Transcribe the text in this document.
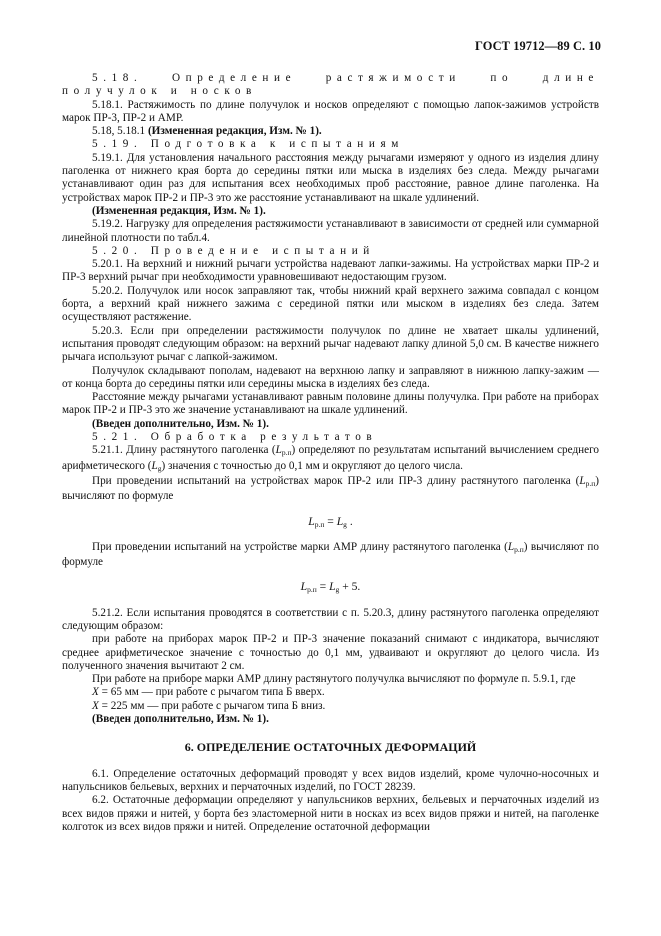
ГОСТ 19712—89 С. 10

5.18. Определение растяжимости по длине получулок и носков

5.18.1. Растяжимость по длине получулок и носков определяют с помощью лапок-зажимов устройств марок ПР-3, ПР-2 и АМР.

5.18, 5.18.1 (Измененная редакция, Изм. № 1).

5.19. Подготовка к испытаниям

5.19.1. Для установления начального расстояния между рычагами измеряют у одного из изделия длину паголенка от нижнего края борта до середины пятки или мыска в изделиях без следа. Между рычагами устанавливают один раз для испытания всех необходимых проб расстояние, равное длине паголенка. На устройствах марок ПР-2 и ПР-3 это же расстояние устанавливают на шкале удлинений.

(Измененная редакция, Изм. № 1).

5.19.2. Нагрузку для определения растяжимости устанавливают в зависимости от средней или суммарной линейной плотности по табл.4.

5.20. Проведение испытаний

5.20.1. На верхний и нижний рычаги устройства надевают лапки-зажимы. На устройствах марки ПР-2 и ПР-3 верхний рычаг при необходимости уравновешивают недостающим грузом.

5.20.2. Получулок или носок заправляют так, чтобы нижний край верхнего зажима совпадал с концом борта, а верхний край нижнего зажима с серединой пятки или мыском в изделиях без следа. Затем осуществляют растяжение.

5.20.3. Если при определении растяжимости получулок по длине не хватает шкалы удлинений, испытания проводят следующим образом: на верхний рычаг надевают лапку длиной 5,0 см. В качестве нижнего рычага используют рычаг с лапкой-зажимом.

Получулок складывают пополам, надевают на верхнюю лапку и заправляют в нижнюю лапку-зажим — от конца борта до середины пятки или середины мыска в изделиях без следа.

Расстояние между рычагами устанавливают равным половине длины получулка. При работе на приборах марок ПР-2 и ПР-3 это же значение устанавливают на шкале удлинений.

(Введен дополнительно, Изм. № 1).

5.21. Обработка результатов

5.21.1. Длину растянутого паголенка $(L_{р.п})$ определяют по результатам испытаний вычислением среднего арифметического $(L_g)$ значения с точностью до 0,1 мм и округляют до целого числа.

При проведении испытаний на устройствах марок ПР-2 или ПР-3 длину растянутого паголенка $(L_{р.п})$ вычисляют по формуле

$L_{р.п} = L_g$ .

При проведении испытаний на устройстве марки АМР длину растянутого паголенка $(L_{р.п})$ вычисляют по формуле

$L_{р.п} = L_g + 5$.

5.21.2. Если испытания проводятся в соответствии с п. 5.20.3, длину растянутого паголенка определяют следующим образом:

при работе на приборах марок ПР-2 и ПР-3 значение показаний снимают с индикатора, вычисляют среднее арифметическое значение с точностью до 0,1 мм, удваивают и округляют до целого числа. Из полученного значения вычитают 2 см.

При работе на приборе марки АМР длину растянутого получулка вычисляют по формуле п. 5.9.1, где

X = 65 мм — при работе с рычагом типа Б вверх.

X = 225 мм — при работе с рычагом типа Б вниз.

(Введен дополнительно, Изм. № 1).

6. ОПРЕДЕЛЕНИЕ ОСТАТОЧНЫХ ДЕФОРМАЦИЙ

6.1. Определение остаточных деформаций проводят у всех видов изделий, кроме чулочно-носочных и напульсников бельевых, верхних и перчаточных изделий, по ГОСТ 28239.

6.2. Остаточные деформации определяют у напульсников верхних, бельевых и перчаточных изделий из всех видов пряжи и нитей, у борта без эластомерной нити в носках из всех видов пряжи и нитей, на паголенке колготок из всех видов пряжи и нитей. Определение остаточной деформации
